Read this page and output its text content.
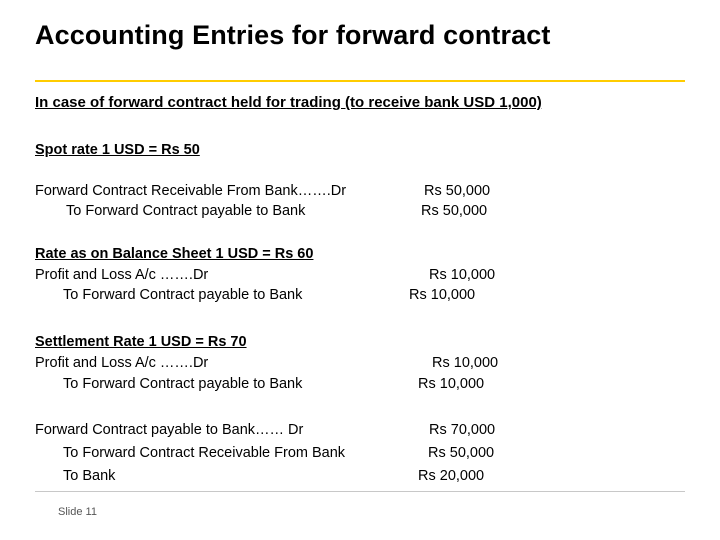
Accounting Entries for forward contract
In case of forward contract held for trading (to receive bank USD 1,000)
Spot rate 1 USD = Rs 50
Forward Contract Receivable From Bank…….Dr
To Forward Contract payable to Bank
Rs 50,000
Rs 50,000
Rate as on Balance Sheet 1 USD = Rs 60
Profit and Loss A/c …….Dr
To Forward Contract payable to Bank
Rs 10,000
Rs 10,000
Settlement Rate 1 USD = Rs 70
Profit and Loss A/c …….Dr
To Forward Contract payable to Bank
Rs 10,000
Rs 10,000
Forward Contract payable to Bank…… Dr
To Forward Contract Receivable From Bank
To Bank
Rs 70,000
Rs 50,000
Rs 20,000
Slide 11
